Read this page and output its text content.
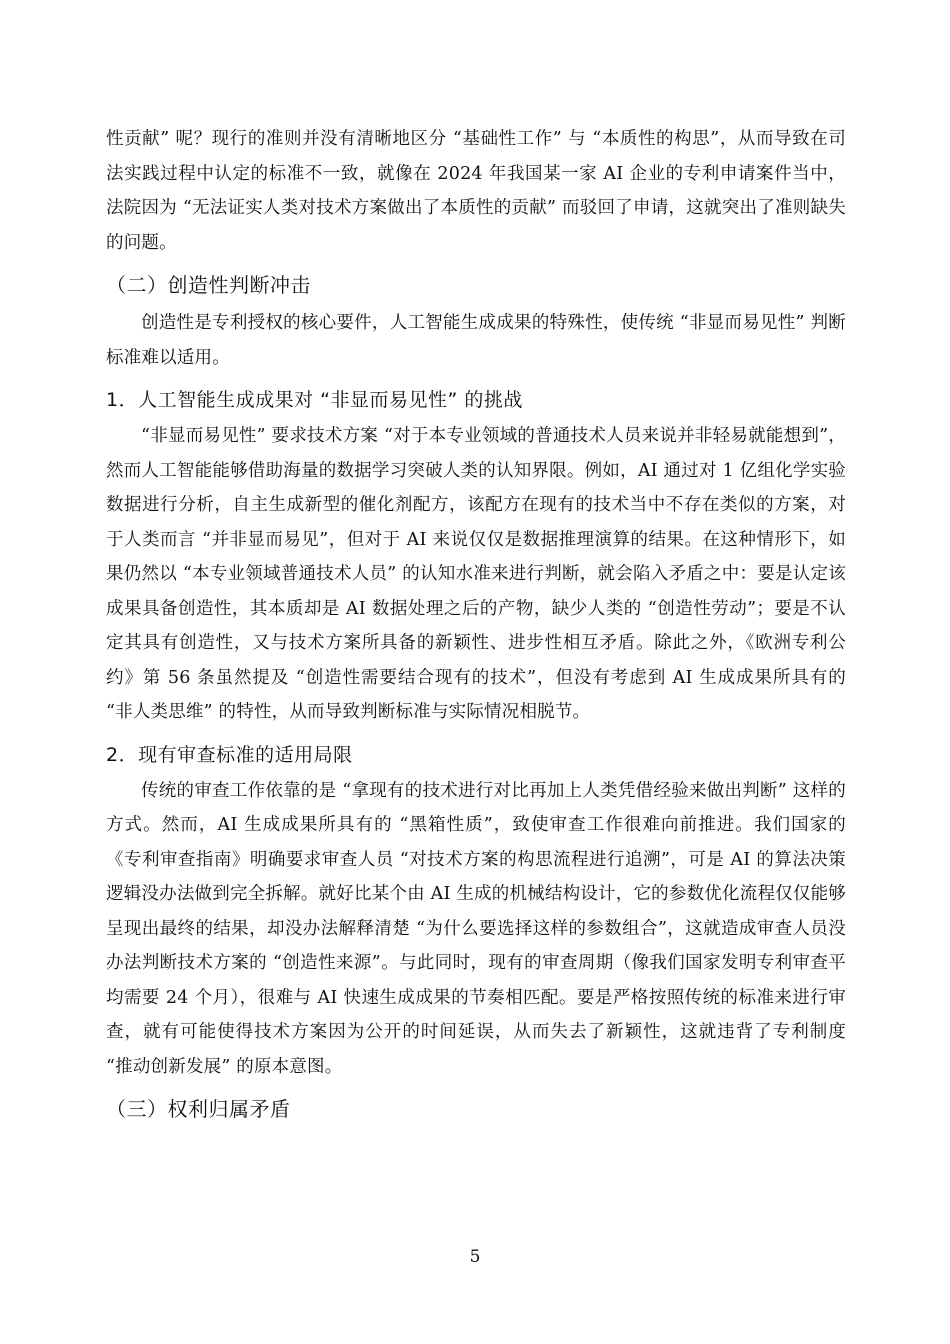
性贡献” 呢？现行的准则并没有清晰地区分 “基础性工作” 与 “本质性的构思”，从而导致在司法实践过程中认定的标准不一致，就像在 2024 年我国某一家 AI 企业的专利申请案件当中，法院因为 “无法证实人类对技术方案做出了本质性的贡献” 而驳回了申请，这就突出了准则缺失的问题。

（二）创造性判断冲击

创造性是专利授权的核心要件，人工智能生成成果的特殊性，使传统 “非显而易见性” 判断标准难以适用。

1．人工智能生成成果对 “非显而易见性” 的挑战

“非显而易见性” 要求技术方案 “对于本专业领域的普通技术人员来说并非轻易就能想到”，然而人工智能能够借助海量的数据学习突破人类的认知界限。例如，AI 通过对 1 亿组化学实验数据进行分析，自主生成新型的催化剂配方，该配方在现有的技术当中不存在类似的方案，对于人类而言 “并非显而易见”，但对于 AI 来说仅仅是数据推理演算的结果。在这种情形下，如果仍然以 “本专业领域普通技术人员” 的认知水准来进行判断，就会陷入矛盾之中：要是认定该成果具备创造性，其本质却是 AI 数据处理之后的产物，缺少人类的 “创造性劳动”；要是不认定其具有创造性，又与技术方案所具备的新颖性、进步性相互矛盾。除此之外，《欧洲专利公约》第 56 条虽然提及 “创造性需要结合现有的技术”，但没有考虑到 AI 生成成果所具有的 “非人类思维” 的特性，从而导致判断标准与实际情况相脱节。

2．现有审查标准的适用局限

传统的审查工作依靠的是 “拿现有的技术进行对比再加上人类凭借经验来做出判断” 这样的方式。然而，AI 生成成果所具有的 “黑箱性质”，致使审查工作很难向前推进。我们国家的《专利审查指南》明确要求审查人员 “对技术方案的构思流程进行追溯”，可是 AI 的算法决策逻辑没办法做到完全拆解。就好比某个由 AI 生成的机械结构设计，它的参数优化流程仅仅能够呈现出最终的结果，却没办法解释清楚 “为什么要选择这样的参数组合”，这就造成审查人员没办法判断技术方案的 “创造性来源”。与此同时，现有的审查周期（像我们国家发明专利审查平均需要 24 个月），很难与 AI 快速生成成果的节奏相匹配。要是严格按照传统的标准来进行审查，就有可能使得技术方案因为公开的时间延误，从而失去了新颖性，这就违背了专利制度 “推动创新发展” 的原本意图。

（三）权利归属矛盾
5
